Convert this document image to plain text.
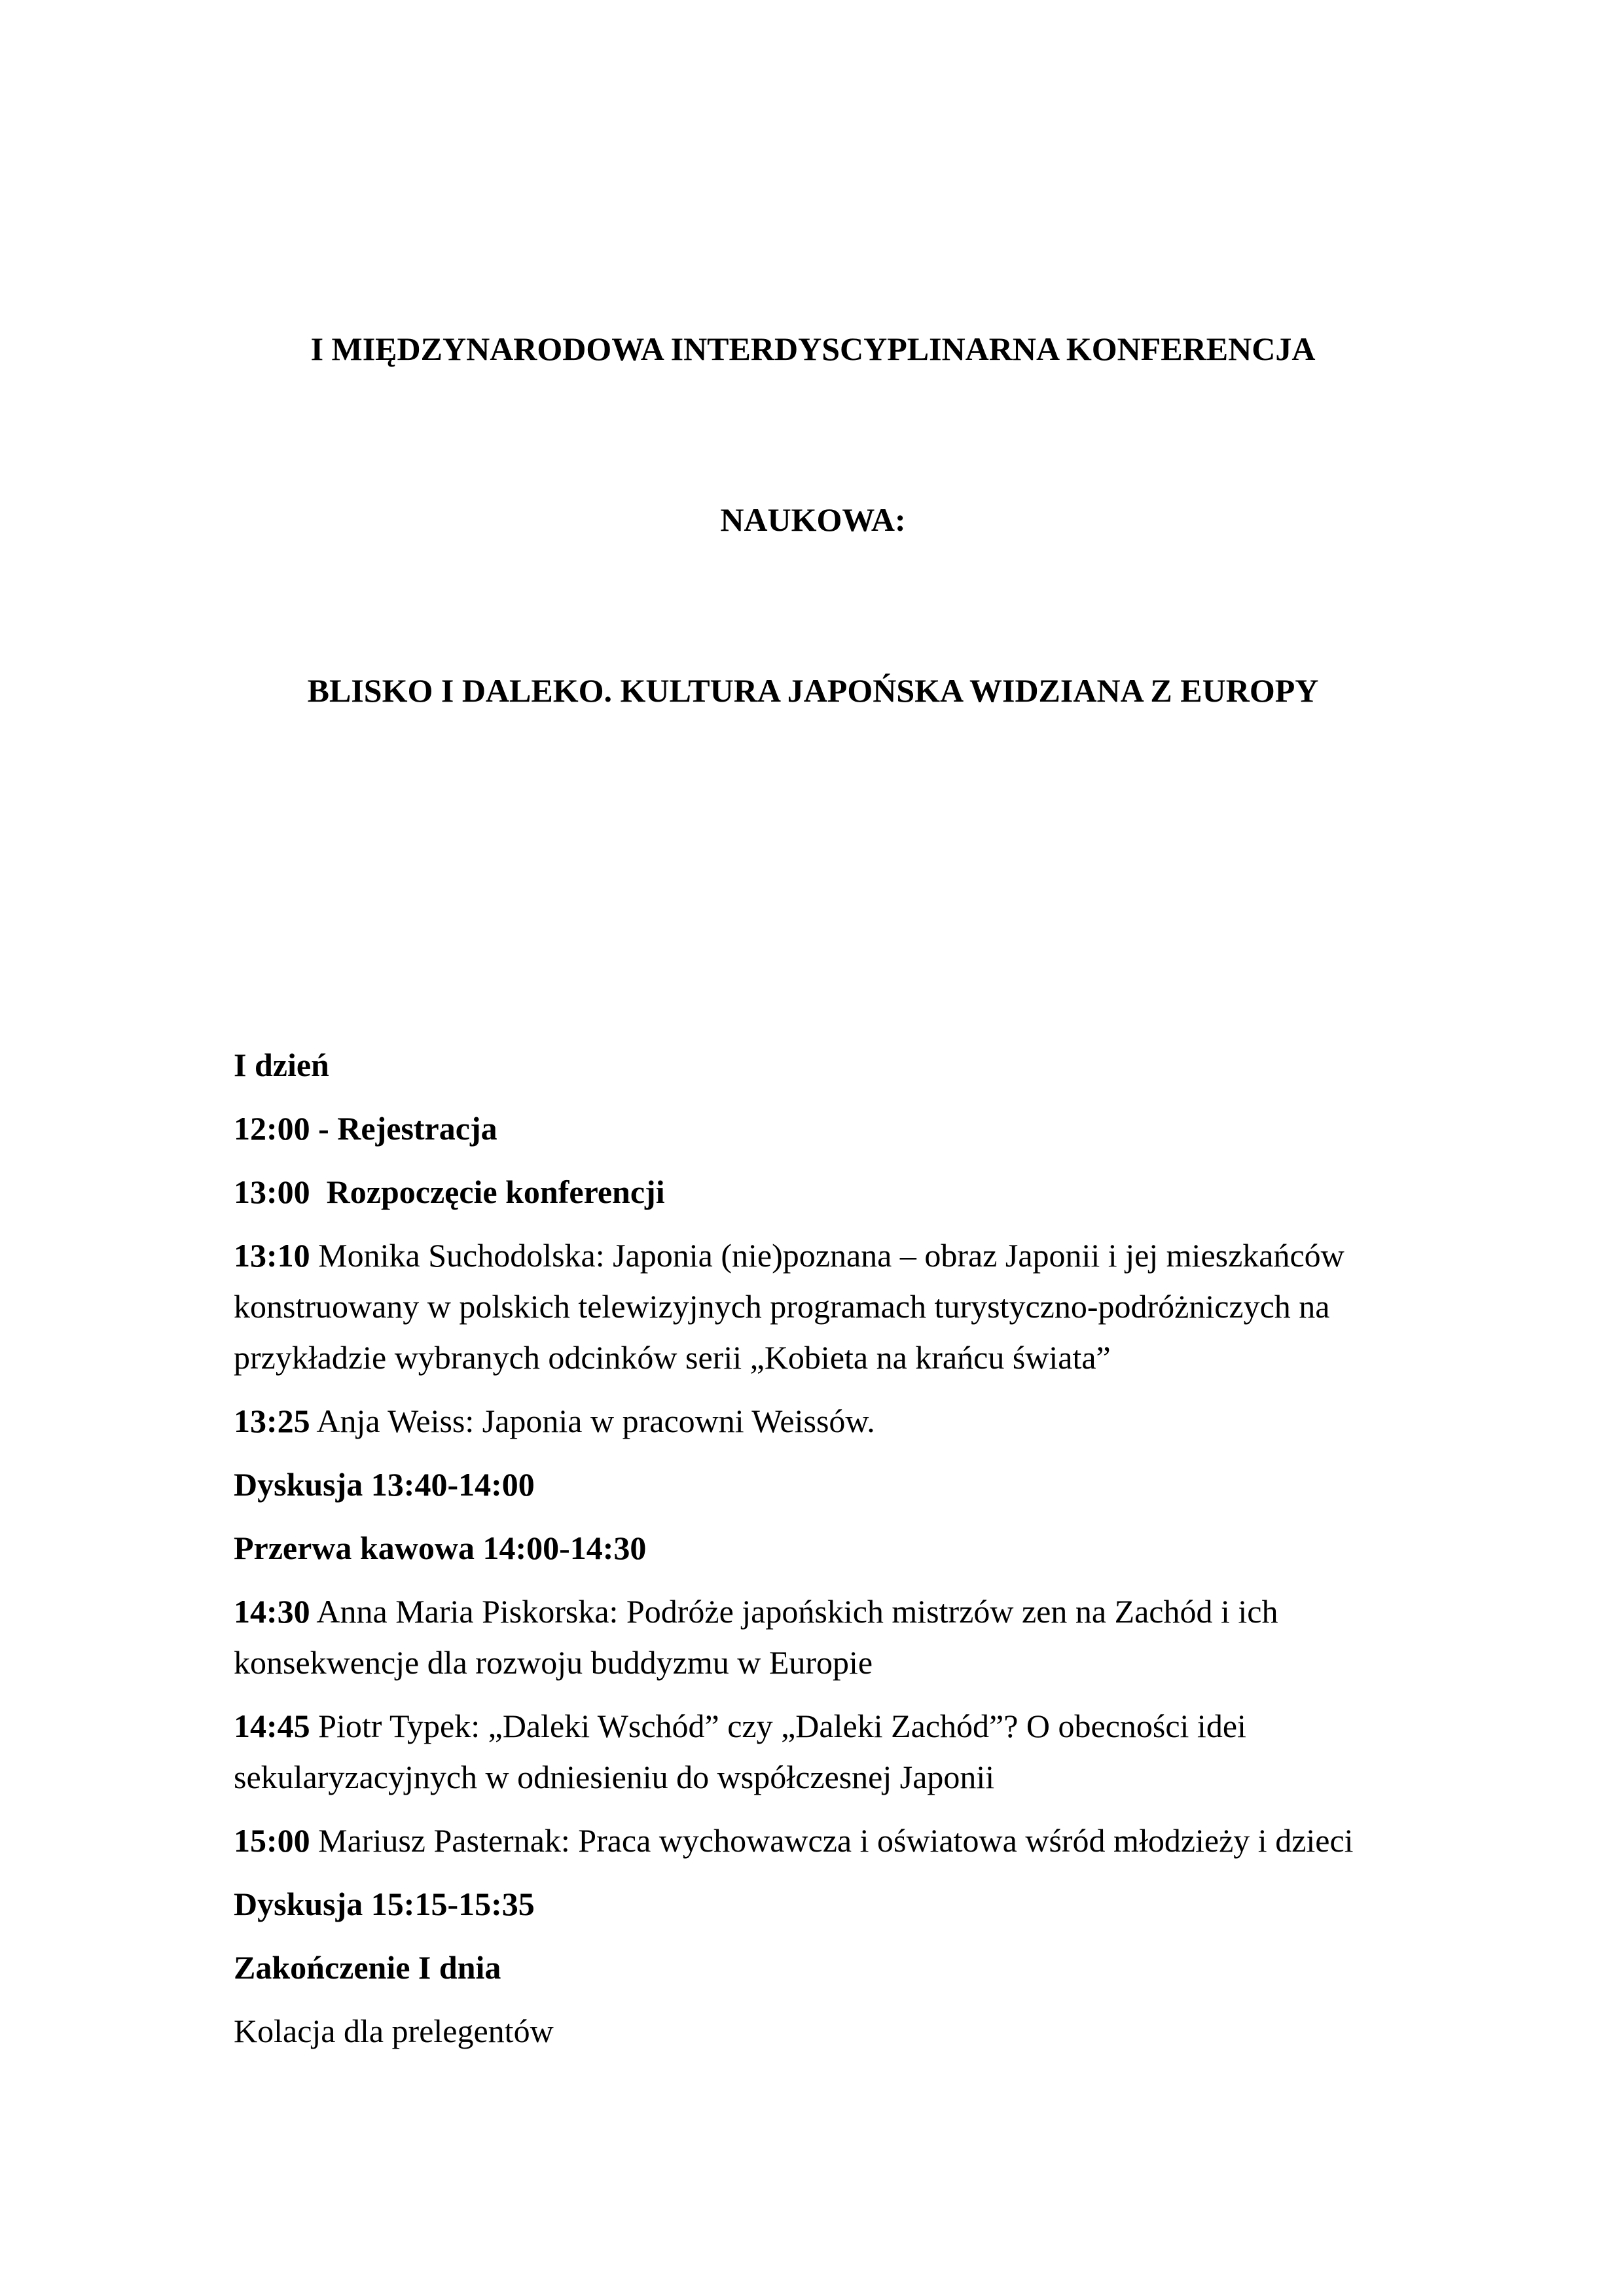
I MIĘDZYNARODOWA INTERDYSCYPLINARNA KONFERENCJA

NAUKOWA:

BLISKO I DALEKO. KULTURA JAPOŃSKA WIDZIANA Z EUROPY

I dzień

12:00 - Rejestracja

13:00  Rozpoczęcie konferencji

13:10 Monika Suchodolska: Japonia (nie)poznana – obraz Japonii i jej mieszkańców konstruowany w polskich telewizyjnych programach turystyczno-podróżniczych na przykładzie wybranych odcinków serii „Kobieta na krańcu świata”

13:25 Anja Weiss: Japonia w pracowni Weissów.

Dyskusja 13:40-14:00

Przerwa kawowa 14:00-14:30

14:30 Anna Maria Piskorska: Podróże japońskich mistrzów zen na Zachód i ich konsekwencje dla rozwoju buddyzmu w Europie

14:45 Piotr Typek: „Daleki Wschód” czy „Daleki Zachód”? O obecności idei sekularyzacyjnych w odniesieniu do współczesnej Japonii

15:00 Mariusz Pasternak: Praca wychowawcza i oświatowa wśród młodzieży i dzieci

Dyskusja 15:15-15:35

Zakończenie I dnia

Kolacja dla prelegentów
